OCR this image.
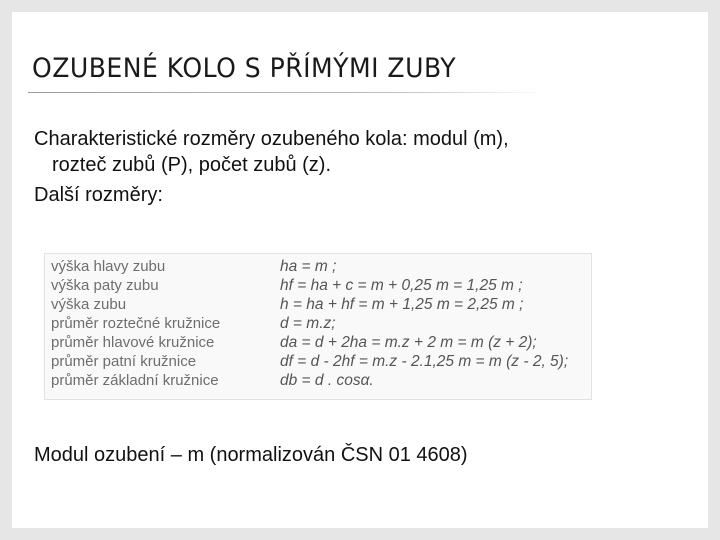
OZUBENÉ KOLO S PŘÍMÝMI ZUBY
Charakteristické rozměry ozubeného kola: modul (m),
rozteč zubů (P), počet zubů (z).
Další rozměry:
výška hlavy zubu	ha = m ;
výška paty zubu	hf = ha + c = m + 0,25 m = 1,25 m ;
výška zubu	h = ha + hf = m + 1,25 m = 2,25 m ;
průměr roztečné kružnice	d = m.z;
průměr hlavové kružnice	da = d + 2ha = m.z + 2 m = m (z + 2);
průměr patní kružnice	df = d - 2hf = m.z - 2.1,25 m = m (z - 2, 5);
průměr základní kružnice	db = d . cosα.
Modul ozubení – m (normalizován ČSN 01 4608)
